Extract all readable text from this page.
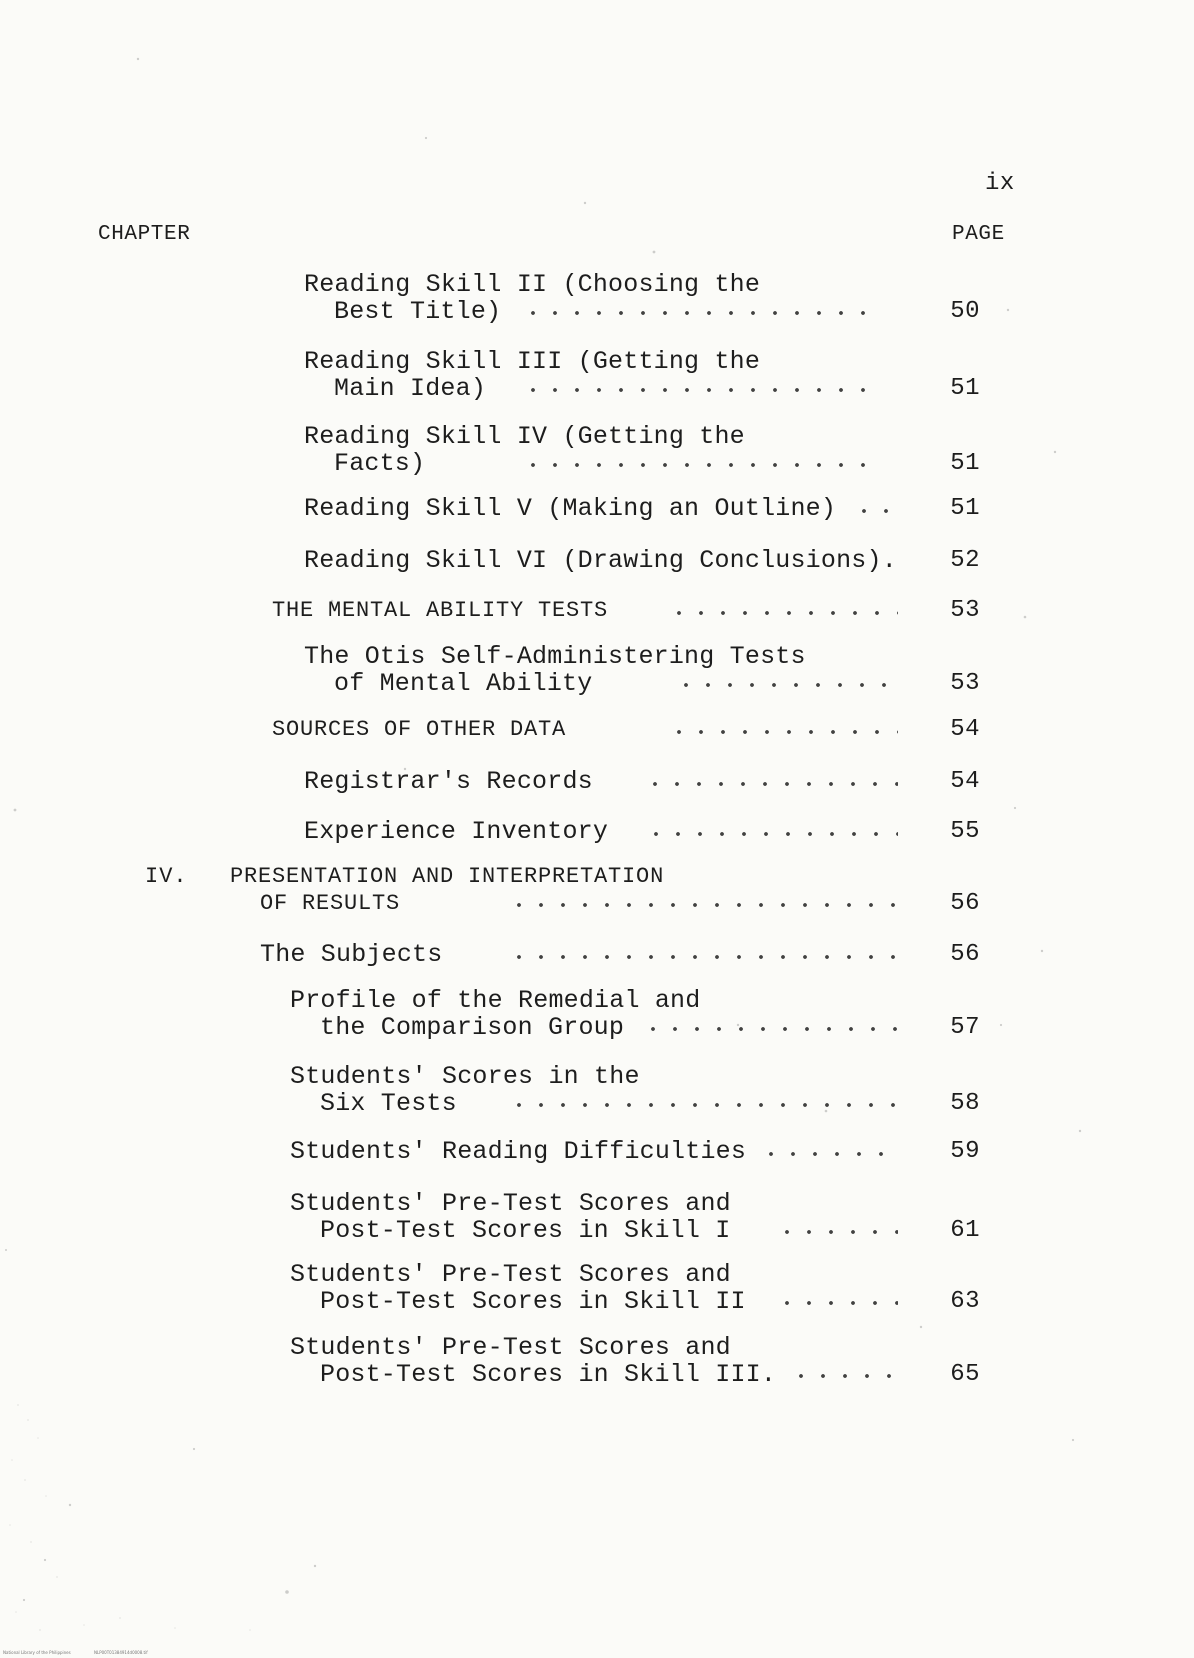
ix
CHAPTER	PAGE
Reading Skill II (Choosing the
Best Title)	50
Reading Skill III (Getting the
Main Idea)	51
Reading Skill IV (Getting the
Facts)	51
Reading Skill V (Making an Outline)	51
Reading Skill VI (Drawing Conclusions).	52
THE MENTAL ABILITY TESTS	53
The Otis Self-Administering Tests
of Mental Ability	53
SOURCES OF OTHER DATA	54
Registrar's Records	54
Experience Inventory	55
IV. PRESENTATION AND INTERPRETATION
OF RESULTS	56
The Subjects	56
Profile of the Remedial and
the Comparison Group	57
Students' Scores in the
Six Tests	58
Students' Reading Difficulties	59
Students' Pre-Test Scores and
Post-Test Scores in Skill I	61
Students' Pre-Test Scores and
Post-Test Scores in Skill II	63
Students' Pre-Test Scores and
Post-Test Scores in Skill III.	65
National Library of the Philippines	NLP00T01384914d0008.tif
